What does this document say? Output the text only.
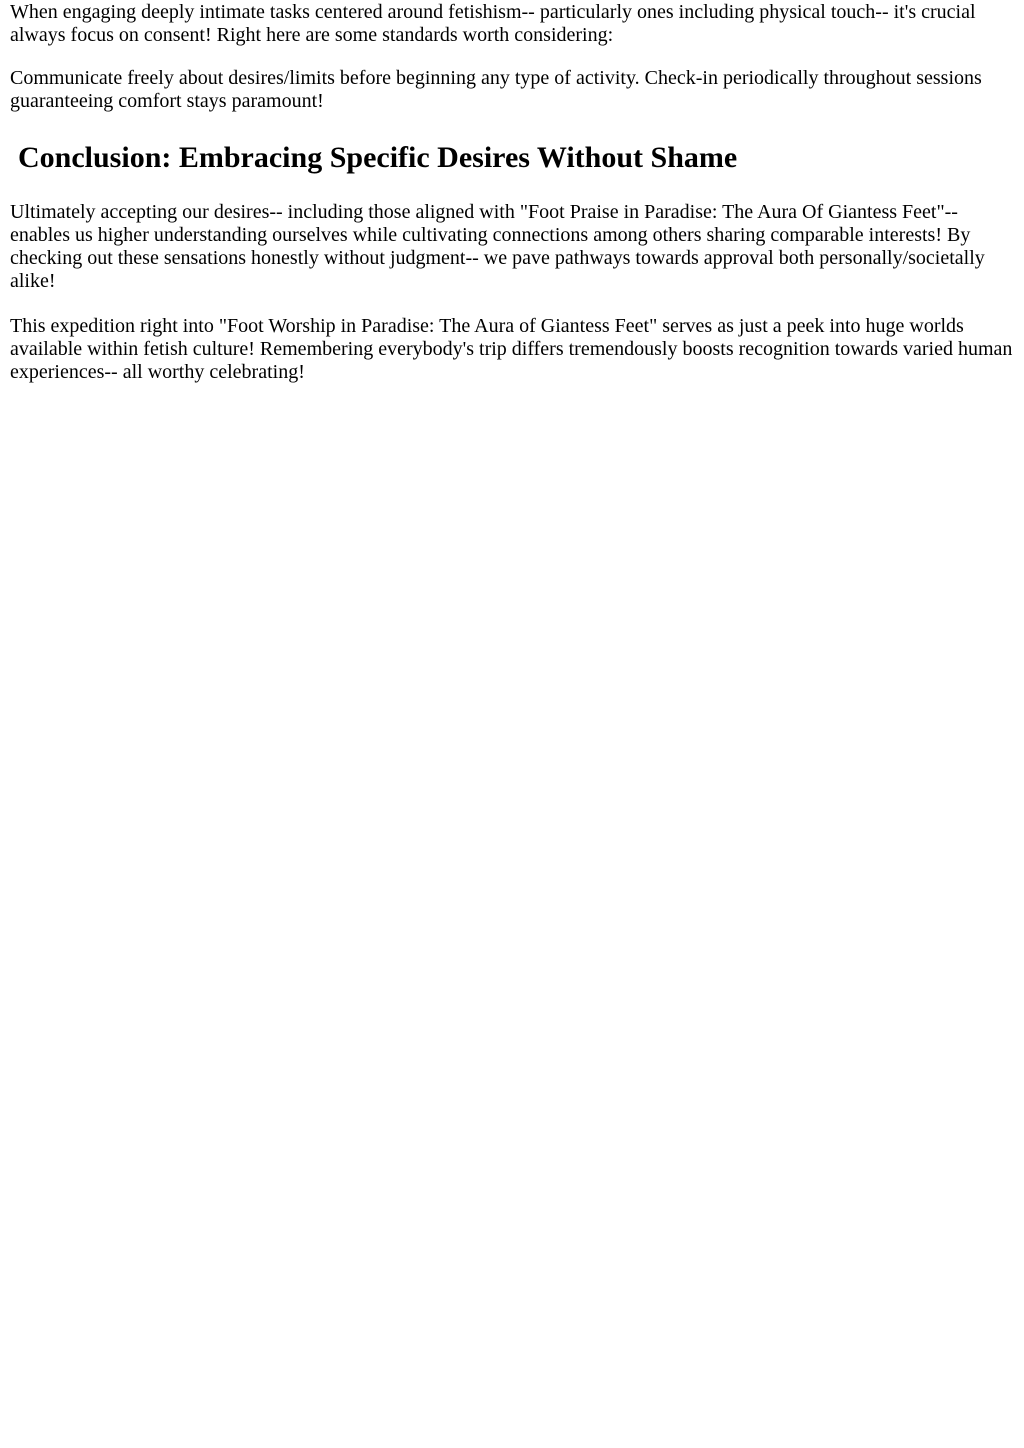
When engaging deeply intimate tasks centered around fetishism-- particularly ones including physical touch-- it's crucial always focus on consent! Right here are some standards worth considering:

Communicate freely about desires/limits before beginning any type of activity. Check-in periodically throughout sessions guaranteeing comfort stays paramount!

Conclusion: Embracing Specific Desires Without Shame

Ultimately accepting our desires-- including those aligned with "Foot Praise in Paradise: The Aura Of Giantess Feet"-- enables us higher understanding ourselves while cultivating connections among others sharing comparable interests! By checking out these sensations honestly without judgment-- we pave pathways towards approval both personally/societally alike!

This expedition right into "Foot Worship in Paradise: The Aura of Giantess Feet" serves as just a peek into huge worlds available within fetish culture! Remembering everybody's trip differs tremendously boosts recognition towards varied human experiences-- all worthy celebrating!
